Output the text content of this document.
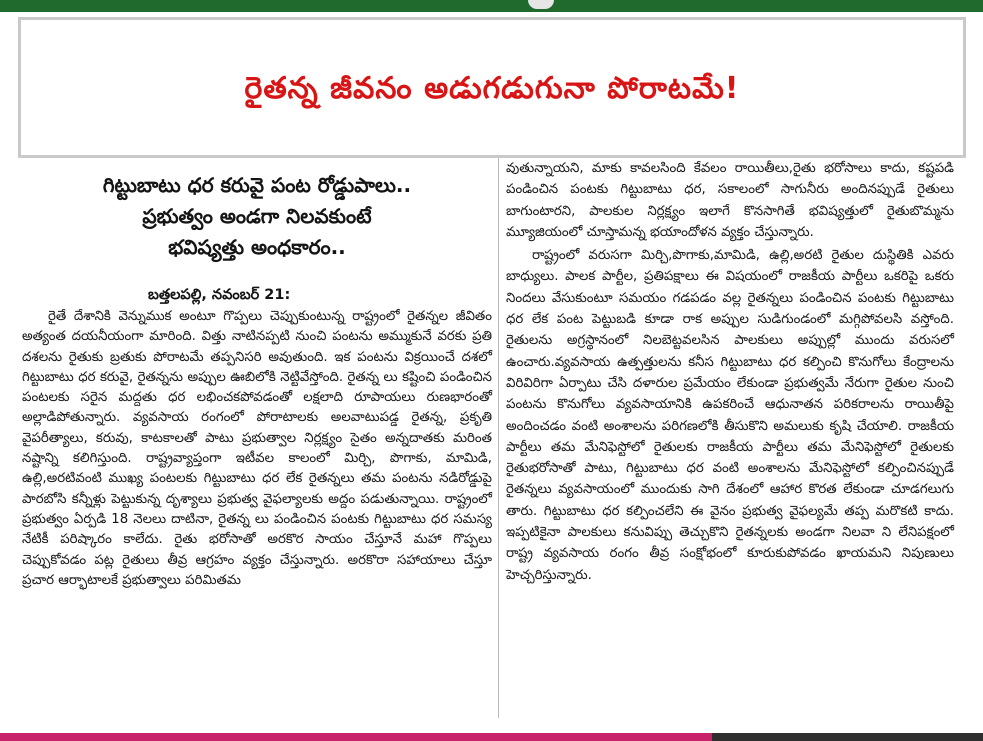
రైతన్న జీవనం అడుగడుగునా పోరాటమే!
గిట్టుబాటు ధర కరువై పంట రోడ్డుపాలు..
ప్రభుత్వం అండగా నిలవకుంటే
భవిష్యత్తు అంధకారం..
బత్తలపల్లి, నవంబర్ 21:

రైతే దేశానికి వెన్నుముక అంటూ గొప్పలు చెప్పుకుంటున్న రాష్ట్రంలో రైతన్నల జీవితం అత్యంత దయనీయంగా మారింది. విత్తు నాటినప్పటి నుంచి పంటను అమ్ముకునే వరకు ప్రతి దశలను రైతుకు బ్రతుకు పోరాటమే తప్పనిసరి అవుతుంది. ఇక పంటను విక్రయించే దశలో గిట్టుబాటు ధర కరువై, రైతన్నను అప్పుల ఊబిలోకి నెట్టివేస్తోంది. రైతన్న లు కష్టించి పండించిన పంటలకు సరైన మద్దతు ధర లభించకపోవడంతో లక్షలాది రూపాయలు రుణభారంతో అల్లాడిపోతున్నారు. వ్యవసాయ రంగంలో పోరాటాలకు అలవాటుపడ్డ రైతన్న, ప్రకృతి వైపరీత్యాలు, కరువు, కాటకాలతో పాటు ప్రభుత్వాల నిర్లక్ష్యం సైతం అన్నదాతకు మరింత నష్టాన్ని కలిగిస్తుంది. రాష్ట్రవ్యాప్తంగా ఇటీవల కాలంలో మిర్చి, పొగాకు, మామిడి, ఉల్లి,అరటివంటి ముఖ్య పంటలకు గిట్టుబాటు ధర లేక రైతన్నలు తమ పంటను నడిరోడ్డుపై పారబోసి కన్నీళ్లు పెట్టుకున్న దృశ్యాలు ప్రభుత్వ వైఫల్యాలకు అద్దం పడుతున్నాయి. రాష్ట్రంలో ప్రభుత్వం ఏర్పడి 18 నెలలు దాటినా, రైతన్న లు పండించిన పంటకు గిట్టుబాటు ధర సమస్య నేటికీ పరిష్కారం కాలేదు. రైతు భరోసాతో అరకొర సాయం చేస్తూనే మహా గొప్పలు చెప్పుకోవడం పట్ల రైతులు తీవ్ర ఆగ్రహం వ్యక్తం చేస్తున్నారు. అరకొరా సహాయాలు చేస్తూ ప్రచార ఆర్భాటాలకే ప్రభుత్వాలు పరిమితమ

వుతున్నాయని, మాకు కావలసింది కేవలం రాయితీలు,రైతు భరోసాలు కాదు, కష్టపడి పండించిన పంటకు గిట్టుబాటు ధర, సకాలంలో సాగునీరు అందినప్పుడే రైతులు బాగుంటారని, పాలకుల నిర్లక్ష్యం ఇలాగే కొనసాగితే భవిష్యత్తులో రైతుబొమ్మను మ్యూజియంలో చూస్తామన్న భయాందోళన వ్యక్తం చేస్తున్నారు.

రాష్ట్రంలో వరుసగా మిర్చి,పొగాకు,మామిడి, ఉల్లి,అరటి రైతుల దుస్థితికి ఎవరు బాధ్యులు. పాలక పార్టీల, ప్రతిపక్షాలు ఈ విషయంలో రాజకీయ పార్టీలు ఒకరిపై ఒకరు నిందలు వేసుకుంటూ సమయం గడపడం వల్ల రైతన్నలు పండించిన పంటకు గిట్టుబాటు ధర లేక పంట పెట్టుబడి కూడా రాక అప్పుల సుడిగుండంలో మగ్గిపోవలసి వస్తోంది. రైతులను అగ్రస్థానంలో నిలబెట్టవలసిన పాలకులు అప్పుల్లో ముందు వరుసలో ఉంచారు.వ్యవసాయ ఉత్పత్తులను కనీస గిట్టుబాటు ధర కల్పించి కొనుగోలు కేంద్రాలను విరివిరిగా ఏర్పాటు చేసి దళారుల ప్రమేయం లేకుండా ప్రభుత్వమే నేరుగా రైతుల నుంచి పంటను కొనుగోలు వ్యవసాయానికి ఉపకరించే ఆధునాతన పరికరాలను రాయితీపై అందించడం వంటి అంశాలను పరిగణలోకి తీసుకొని అమలుకు కృషి చేయాలి. రాజకీయ పార్టీలు తమ మేనిఫెస్టోలో రైతులకు రాజకీయ పార్టీలు తమ మేనిఫెస్టోలో రైతులకు రైతుభరోసాతో పాటు, గిట్టుబాటు ధర వంటి అంశాలను మేనిఫెస్టోలో కల్పించినప్పుడే రైతన్నలు వ్యవసాయంలో ముందుకు సాగి దేశంలో ఆహార కొరత లేకుండా చూడగలుగు తారు. గిట్టుబాటు ధర కల్పించలేని ఈ వైనం ప్రభుత్వ వైఫల్యమే తప్ప మరొకటి కాదు. ఇప్పటికైనా పాలకులు కనువిప్పు తెచ్చుకొని రైతన్నలకు అండగా నిలవా ని లేనిపక్షంలో రాష్ట్ర వ్యవసాయ రంగం తీవ్ర సంక్షోభంలో కూరుకుపోవడం ఖాయమని నిపుణులు హెచ్చరిస్తున్నారు.
